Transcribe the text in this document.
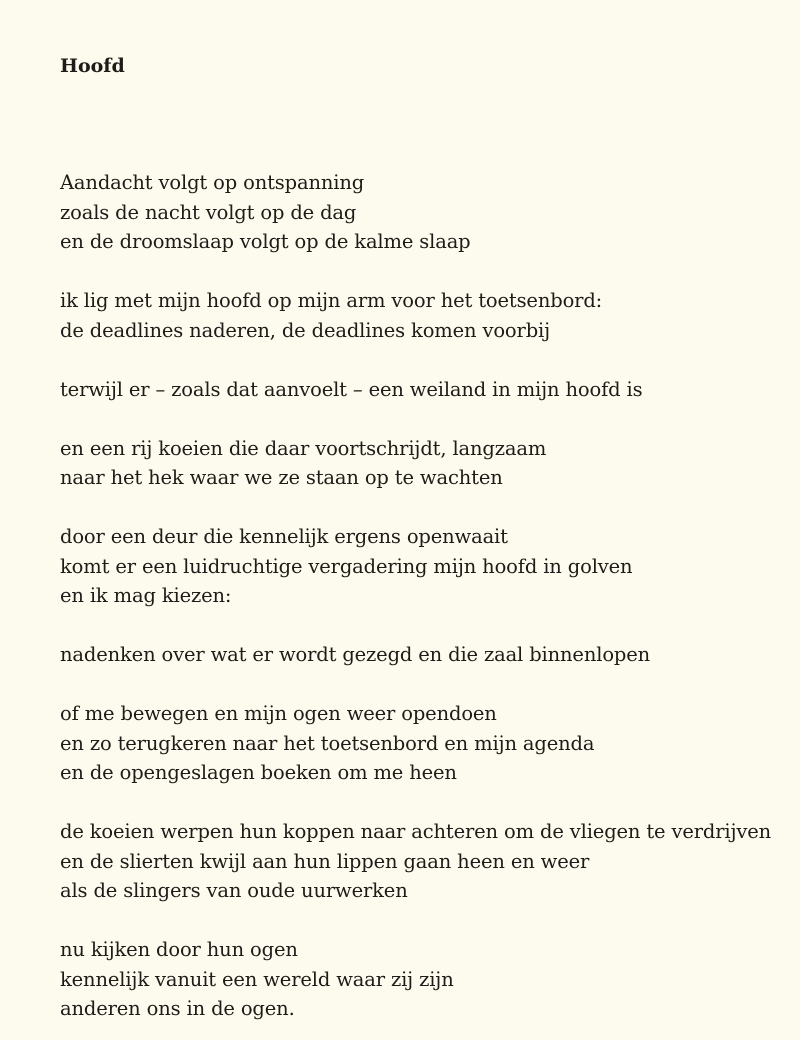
Hoofd
Aandacht volgt op ontspanning
zoals de nacht volgt op de dag
en de droomslaap volgt op de kalme slaap
ik lig met mijn hoofd op mijn arm voor het toetsenbord:
de deadlines naderen, de deadlines komen voorbij
terwijl er – zoals dat aanvoelt – een weiland in mijn hoofd is
en een rij koeien die daar voortschrijdt, langzaam
naar het hek waar we ze staan op te wachten
door een deur die kennelijk ergens openwaait
komt er een luidruchtige vergadering mijn hoofd in golven
en ik mag kiezen:
nadenken over wat er wordt gezegd en die zaal binnenlopen
of me bewegen en mijn ogen weer opendoen
en zo terugkeren naar het toetsenbord en mijn agenda
en de opengeslagen boeken om me heen
de koeien werpen hun koppen naar achteren om de vliegen te verdrijven
en de slierten kwijl aan hun lippen gaan heen en weer
als de slingers van oude uurwerken
nu kijken door hun ogen
kennelijk vanuit een wereld waar zij zijn
anderen ons in de ogen.
